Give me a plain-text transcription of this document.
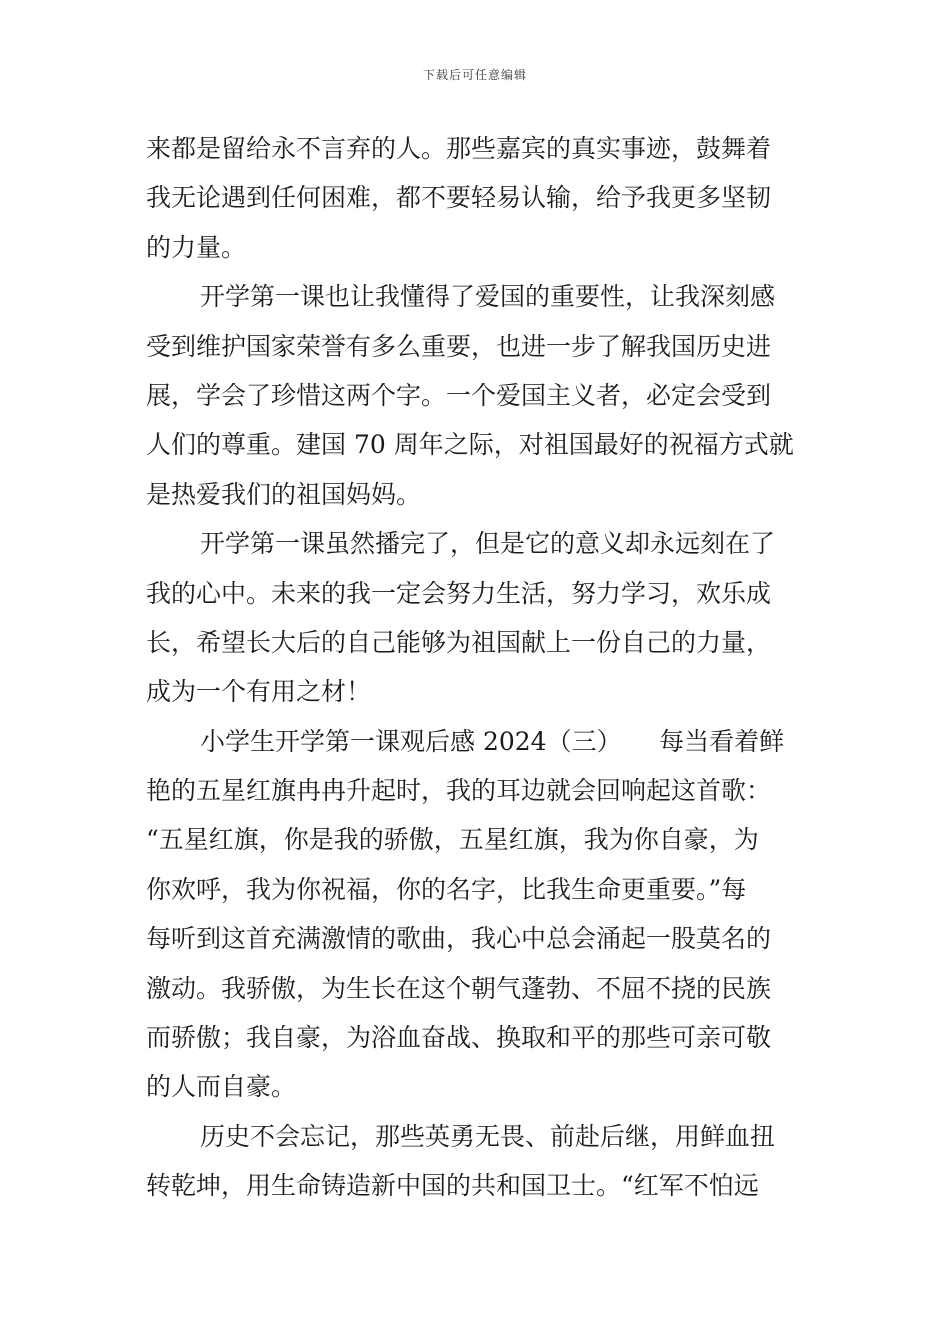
下载后可任意编辑
来都是留给永不言弃的人。那些嘉宾的真实事迹，鼓舞着
我无论遇到任何困难，都不要轻易认输，给予我更多坚韧
的力量。
开学第一课也让我懂得了爱国的重要性，让我深刻感
受到维护国家荣誉有多么重要，也进一步了解我国历史进
展，学会了珍惜这两个字。一个爱国主义者，必定会受到
人们的尊重。建国 70 周年之际，对祖国最好的祝福方式就
是热爱我们的祖国妈妈。
开学第一课虽然播完了，但是它的意义却永远刻在了
我的心中。未来的我一定会努力生活，努力学习，欢乐成
长，希望长大后的自己能够为祖国献上一份自己的力量，
成为一个有用之材！
小学生开学第一课观后感 2024（三）　　每当看着鲜
艳的五星红旗冉冉升起时，我的耳边就会回响起这首歌：
“五星红旗，你是我的骄傲，五星红旗，我为你自豪，为
你欢呼，我为你祝福，你的名字，比我生命更重要。”每
每听到这首充满激情的歌曲，我心中总会涌起一股莫名的
激动。我骄傲，为生长在这个朝气蓬勃、不屈不挠的民族
而骄傲；我自豪，为浴血奋战、换取和平的那些可亲可敬
的人而自豪。
历史不会忘记，那些英勇无畏、前赴后继，用鲜血扭
转乾坤，用生命铸造新中国的共和国卫士。“红军不怕远
